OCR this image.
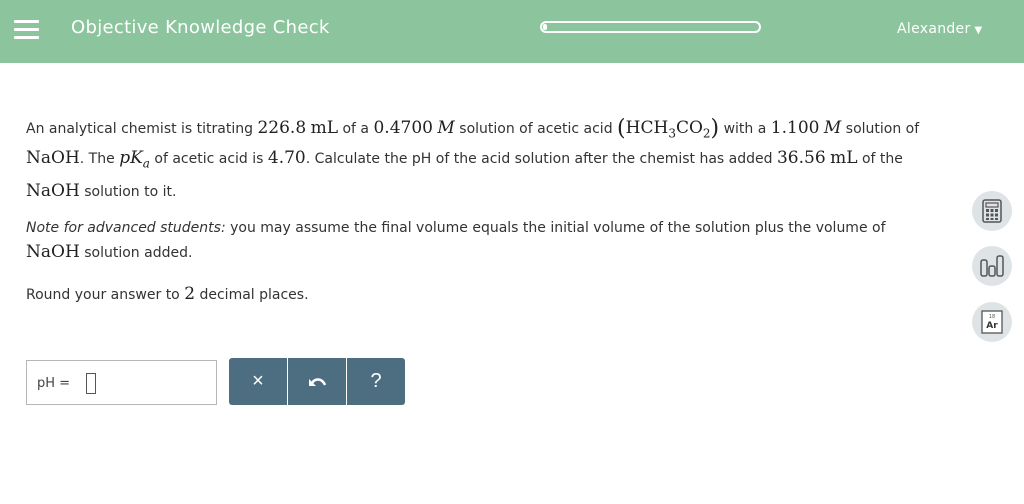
Objective Knowledge Check	Alexander ▼
An analytical chemist is titrating 226.8 mL of a 0.4700 M solution of acetic acid $(HCH_3CO_2)$ with a 1.100 M solution of
NaOH. The $pK_a$ of acetic acid is 4.70. Calculate the pH of the acid solution after the chemist has added 36.56 mL of the
NaOH solution to it.
Note for advanced students: you may assume the final volume equals the initial volume of the solution plus the volume of
NaOH solution added.
Round your answer to 2 decimal places.
pH =	×	?
18
Ar
